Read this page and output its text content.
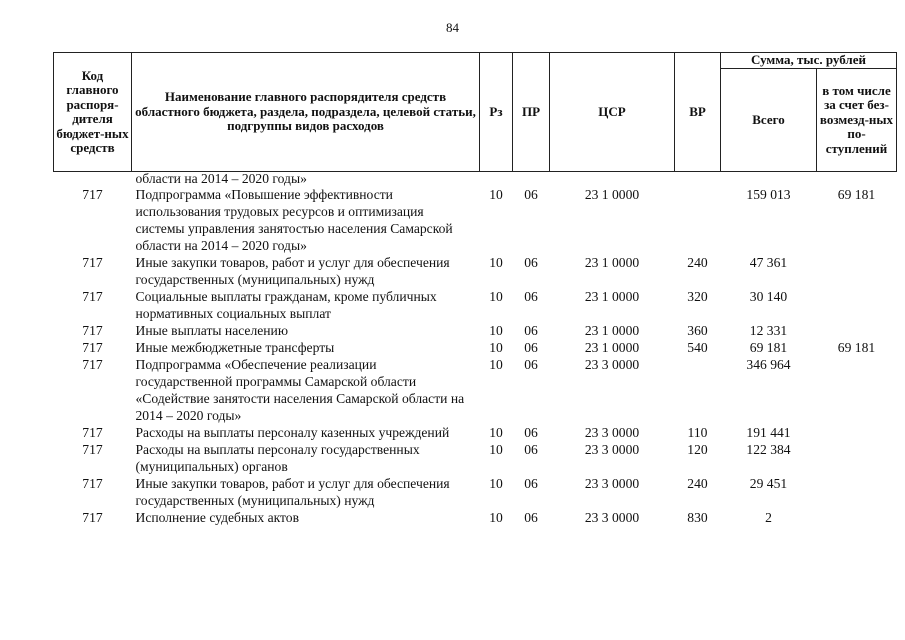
84
Код главного распоря-дителя бюджет-ных средств	Наименование главного распорядителя средств областного бюджета, раздела, подраздела, целевой статьи, подгруппы видов расходов	Рз	ПР	ЦСР	ВР	Сумма, тыс. рублей	
						Всего	в том числе за счет без-возмезд-ных по-ступлений
	области на 2014 – 2020 годы»						
717	Подпрограмма «Повышение эффективности использования трудовых ресурсов и оптимизация системы управления занятостью населения Самарской области на 2014 – 2020 годы»	10	06	23 1 0000		159 013	69 181
717	Иные закупки товаров, работ и услуг для обеспечения государственных (муниципальных) нужд	10	06	23 1 0000	240	47 361	
717	Социальные выплаты гражданам, кроме публичных нормативных социальных выплат	10	06	23 1 0000	320	30 140	
717	Иные выплаты населению	10	06	23 1 0000	360	12 331	
717	Иные межбюджетные трансферты	10	06	23 1 0000	540	69 181	69 181
717	Подпрограмма «Обеспечение реализации государственной программы Самарской области «Содействие занятости населения Самарской области на 2014 – 2020 годы»	10	06	23 3 0000		346 964	
717	Расходы на выплаты персоналу казенных учреждений	10	06	23 3 0000	110	191 441	
717	Расходы на выплаты персоналу государственных (муниципальных) органов	10	06	23 3 0000	120	122 384	
717	Иные закупки товаров, работ и услуг для обеспечения государственных (муниципальных) нужд	10	06	23 3 0000	240	29 451	
717	Исполнение судебных актов	10	06	23 3 0000	830	2	
